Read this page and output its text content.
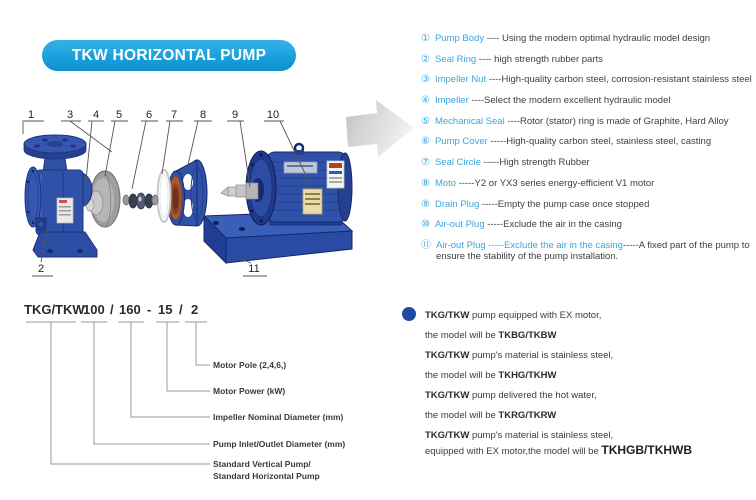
1	3 4 5 6 7 8 9	10
2	11
TKG/TKW
100 / 160 - 15 / 2
Motor Pole (2,4,6,)
Motor Power (kW)
Impeller Nominal Diameter (mm)
Pump Inlet/Outlet Diameter (mm)
Standard Vertical Pump/
Standard Horizontal Pump
TKW HORIZONTAL PUMP
① Pump Body ---- Using the modern optimal hydraulic model design
② Seal Ring ---- high strength rubber parts
③ Impeller Nut ----High-quality carbon steel, corrosion-resistant stainless steel
④ Impeller ----Select the modern excellent hydraulic model
⑤ Mechanical Seal ----Rotor (stator) ring is made of Graphite, Hard Alloy
⑥ Pump Cover -----High-quality carbon steel, stainless steel, casting
⑦ Seal Circle -----High strength Rubber
⑧ Moto -----Y2 or YX3 series energy-efficient V1 motor
⑨ Drain Plug -----Empty the pump case once stopped
⑩ Air-out Plug -----Exclude the air in the casing
⑪ Air-out Plug -----Exclude the air in the casing-----A fixed part of the pump to ensure the stability of the pump installation.
TKG/TKW pump equipped with EX motor,
the model will be TKBG/TKBW
TKG/TKW pump's material is stainless steel,
the model will be TKHG/TKHW
TKG/TKW pump delivered the hot water,
the model will be TKRG/TKRW
TKG/TKW pump's material is stainless steel,
equipped with EX motor,the model will be TKHGB/TKHWB
